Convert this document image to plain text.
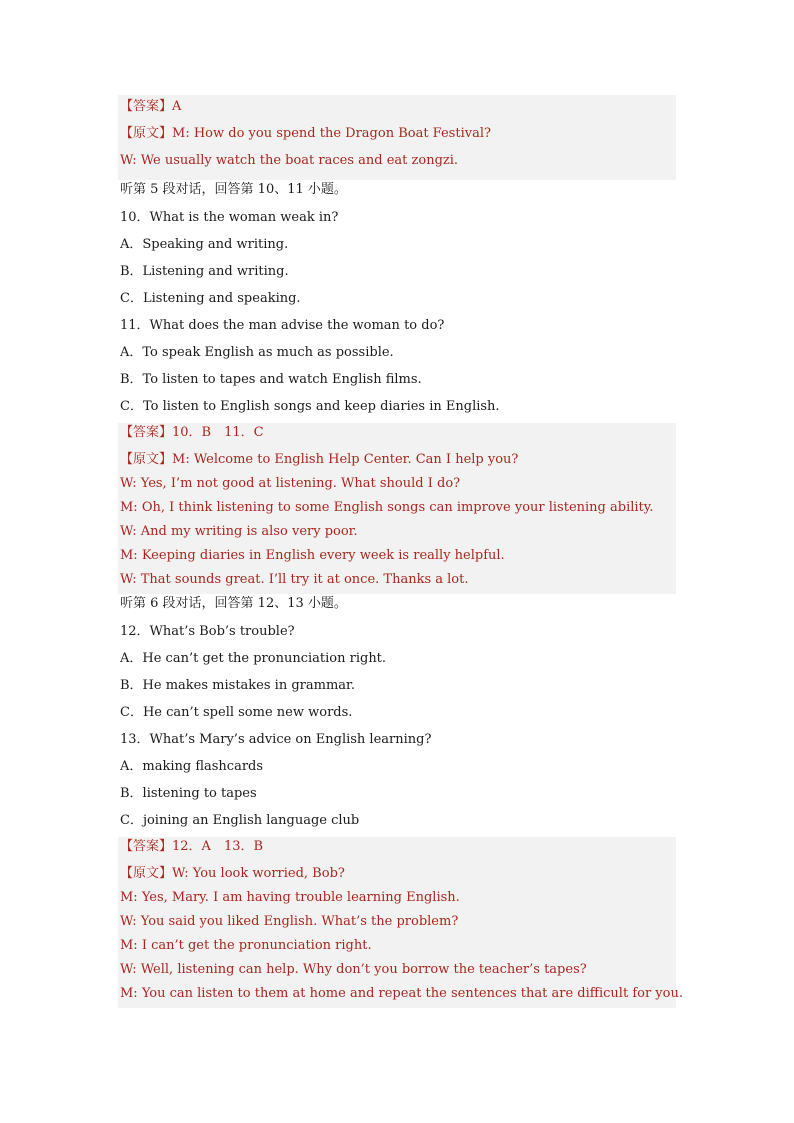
【答案】A
【原文】M: How do you spend the Dragon Boat Festival?
W: We usually watch the boat races and eat zongzi.
听第 5 段对话，回答第 10、11 小题。
10．What is the woman weak in?
A．Speaking and writing.
B．Listening and writing.
C．Listening and speaking.
11．What does the man advise the woman to do?
A．To speak English as much as possible.
B．To listen to tapes and watch English films.
C．To listen to English songs and keep diaries in English.
【答案】10．B　11．C
【原文】M: Welcome to English Help Center. Can I help you?
W: Yes, I’m not good at listening. What should I do?
M: Oh, I think listening to some English songs can improve your listening ability.
W: And my writing is also very poor.
M: Keeping diaries in English every week is really helpful.
W: That sounds great. I’ll try it at once. Thanks a lot.
听第 6 段对话，回答第 12、13 小题。
12．What’s Bob’s trouble?
A．He can’t get the pronunciation right.
B．He makes mistakes in grammar.
C．He can’t spell some new words.
13．What’s Mary’s advice on English learning?
A．making flashcards
B．listening to tapes
C．joining an English language club
【答案】12．A　13．B
【原文】W: You look worried, Bob?
M: Yes, Mary. I am having trouble learning English.
W: You said you liked English. What’s the problem?
M: I can’t get the pronunciation right.
W: Well, listening can help. Why don’t you borrow the teacher’s tapes?
M: You can listen to them at home and repeat the sentences that are difficult for you.
